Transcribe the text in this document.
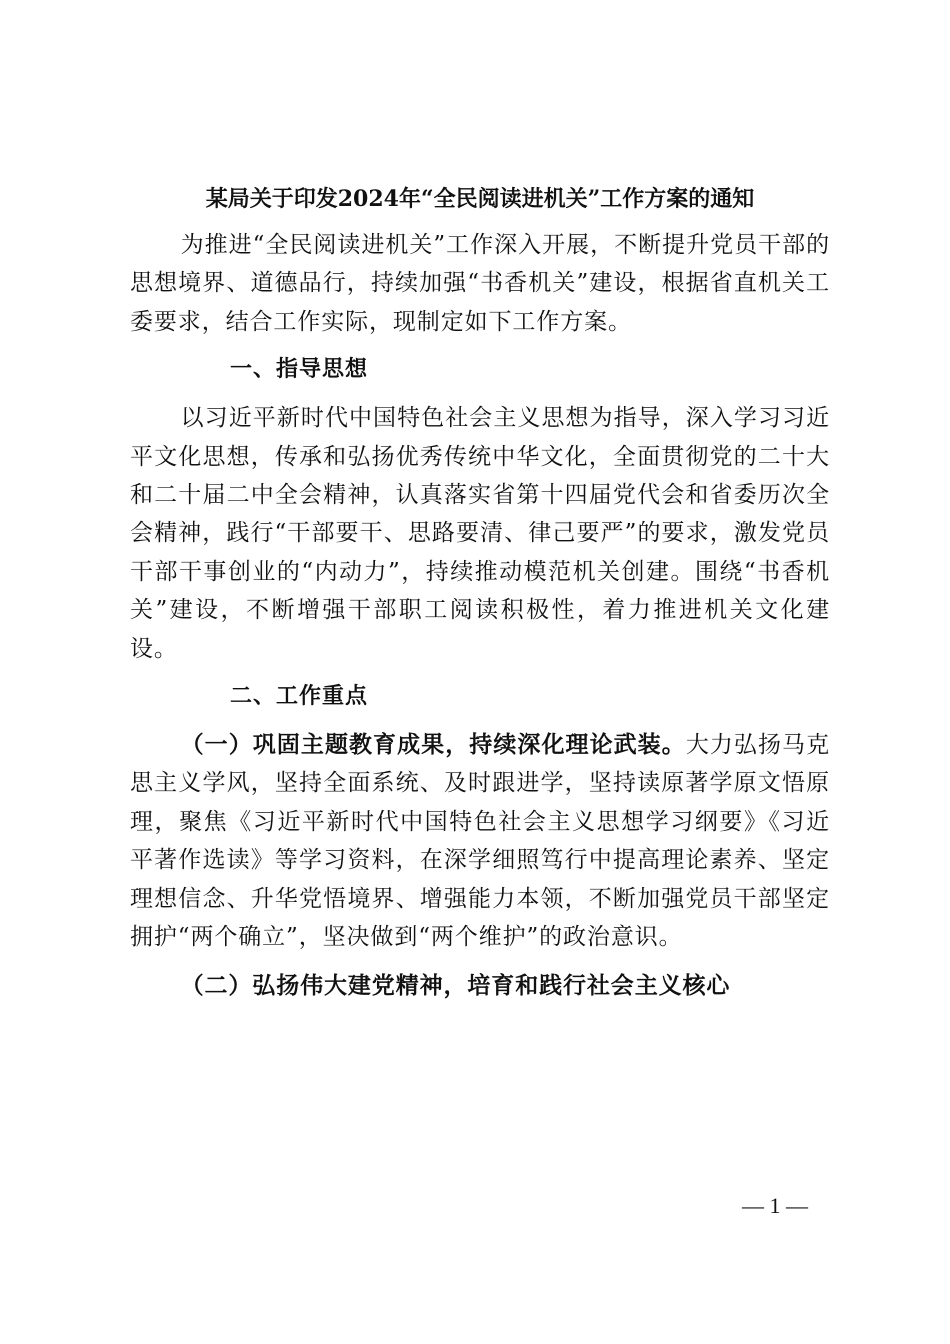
某局关于印发2024年“全民阅读进机关”工作方案的通知

为推进“全民阅读进机关”工作深入开展，不断提升党员干部的思想境界、道德品行，持续加强“书香机关”建设，根据省直机关工委要求，结合工作实际，现制定如下工作方案。

一、指导思想

以习近平新时代中国特色社会主义思想为指导，深入学习习近平文化思想，传承和弘扬优秀传统中华文化，全面贯彻党的二十大和二十届二中全会精神，认真落实省第十四届党代会和省委历次全会精神，践行“干部要干、思路要清、律己要严”的要求，激发党员干部干事创业的“内动力”，持续推动模范机关创建。围绕“书香机关”建设，不断增强干部职工阅读积极性，着力推进机关文化建设。

二、工作重点

（一）巩固主题教育成果，持续深化理论武装。大力弘扬马克思主义学风，坚持全面系统、及时跟进学，坚持读原著学原文悟原理，聚焦《习近平新时代中国特色社会主义思想学习纲要》《习近平著作选读》等学习资料，在深学细照笃行中提高理论素养、坚定理想信念、升华党悟境界、增强能力本领，不断加强党员干部坚定拥护“两个确立”，坚决做到“两个维护”的政治意识。

（二）弘扬伟大建党精神，培育和践行社会主义核心

— 1 —
